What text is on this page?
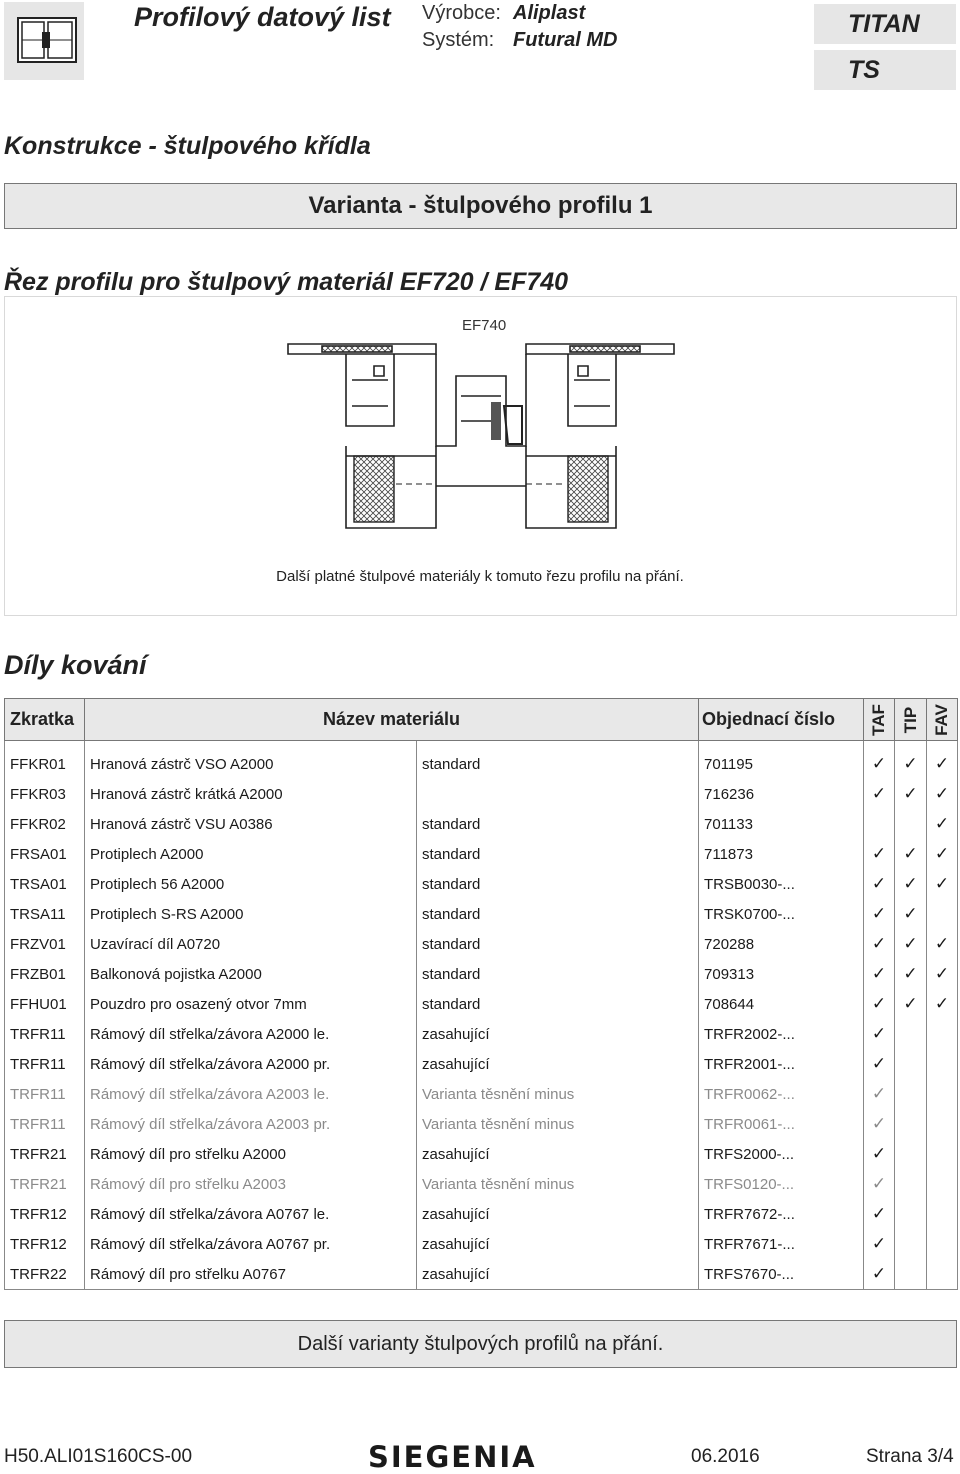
Profilový datový list Výrobce: Aliplast
Systém: Futural MD
TITAN
TS
Konstrukce - štulpového křídla
Varianta - štulpového profilu 1
Řez profilu pro štulpový materiál EF720 / EF740
EF740
Další platné štulpové materiály k tomuto řezu profilu na přání.
Díly kování
Zkratka	Název materiálu		Objednací číslo	TAF	TIP	FAV

FFKR01	Hranová zástrč VSO A2000	standard	701195	✓	✓	✓
FFKR03	Hranová zástrč krátká A2000		716236	✓	✓	✓
FFKR02	Hranová zástrč VSU A0386	standard	701133			✓
FRSA01	Protiplech A2000	standard	711873	✓	✓	✓
TRSA01	Protiplech 56 A2000	standard	TRSB0030-...	✓	✓	✓
TRSA11	Protiplech S-RS A2000	standard	TRSK0700-...	✓	✓	
FRZV01	Uzavírací díl A0720	standard	720288	✓	✓	✓
FRZB01	Balkonová pojistka A2000	standard	709313	✓	✓	✓
FFHU01	Pouzdro pro osazený otvor 7mm	standard	708644	✓	✓	✓
TRFR11	Rámový díl střelka/závora A2000 le.	zasahující	TRFR2002-...	✓		
TRFR11	Rámový díl střelka/závora A2000 pr.	zasahující	TRFR2001-...	✓		
TRFR11	Rámový díl střelka/závora A2003 le.	Varianta těsnění minus	TRFR0062-...	✓		
TRFR11	Rámový díl střelka/závora A2003 pr.	Varianta těsnění minus	TRFR0061-...	✓		
TRFR21	Rámový díl pro střelku A2000	zasahující	TRFS2000-...	✓		
TRFR21	Rámový díl pro střelku A2003	Varianta těsnění minus	TRFS0120-...	✓		
TRFR12	Rámový díl střelka/závora A0767 le.	zasahující	TRFR7672-...	✓		
TRFR12	Rámový díl střelka/závora A0767 pr.	zasahující	TRFR7671-...	✓		
TRFR22	Rámový díl pro střelku A0767	zasahující	TRFS7670-...	✓		
Další varianty štulpových profilů na přání.
H50.ALI01S160CS-00	SIEGENIA	06.2016	Strana 3/4
